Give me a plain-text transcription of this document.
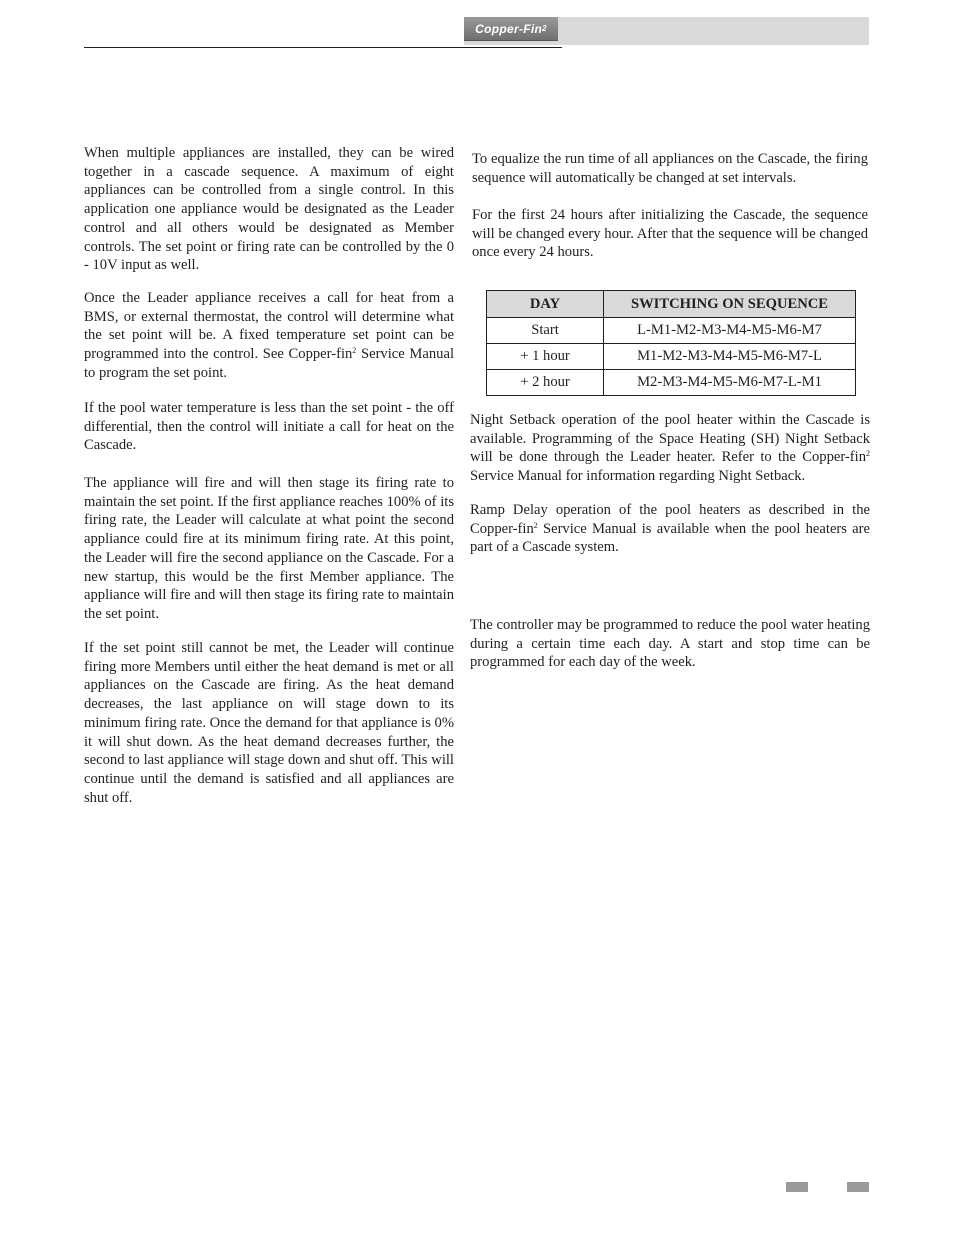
Copper-Fin 2

When multiple appliances are installed, they can be wired together in a cascade sequence. A maximum of eight appliances can be controlled from a single control. In this application one appliance would be designated as the Leader control and all others would be designated as Member controls. The set point or firing rate can be controlled by the 0 - 10V input as well.

Once the Leader appliance receives a call for heat from a BMS, or external thermostat, the control will determine what the set point will be. A fixed temperature set point can be programmed into the control. See Copper-fin$^2$ Service Manual to program the set point.

If the pool water temperature is less than the set point - the off differential, then the control will initiate a call for heat on the Cascade.

The appliance will fire and will then stage its firing rate to maintain the set point. If the first appliance reaches 100% of its firing rate, the Leader will calculate at what point the second appliance could fire at its minimum firing rate. At this point, the Leader will fire the second appliance on the Cascade. For a new startup, this would be the first Member appliance. The appliance will fire and will then stage its firing rate to maintain the set point.

If the set point still cannot be met, the Leader will continue firing more Members until either the heat demand is met or all appliances on the Cascade are firing. As the heat demand decreases, the last appliance on will stage down to its minimum firing rate. Once the demand for that appliance is 0% it will shut down. As the heat demand decreases further, the second to last appliance will stage down and shut off. This will continue until the demand is satisfied and all appliances are shut off.

To equalize the run time of all appliances on the Cascade, the firing sequence will automatically be changed at set intervals.

For the first 24 hours after initializing the Cascade, the sequence will be changed every hour. After that the sequence will be changed once every 24 hours.

DAY	SWITCHING ON SEQUENCE
Start	L-M1-M2-M3-M4-M5-M6-M7
+ 1 hour	M1-M2-M3-M4-M5-M6-M7-L
+ 2 hour	M2-M3-M4-M5-M6-M7-L-M1

Night Setback operation of the pool heater within the Cascade is available. Programming of the Space Heating (SH) Night Setback will be done through the Leader heater. Refer to the Copper-fin$^2$ Service Manual for information regarding Night Setback.

Ramp Delay operation of the pool heaters as described in the Copper-fin$^2$ Service Manual is available when the pool heaters are part of a Cascade system.

The controller may be programmed to reduce the pool water heating during a certain time each day. A start and stop time can be programmed for each day of the week.
